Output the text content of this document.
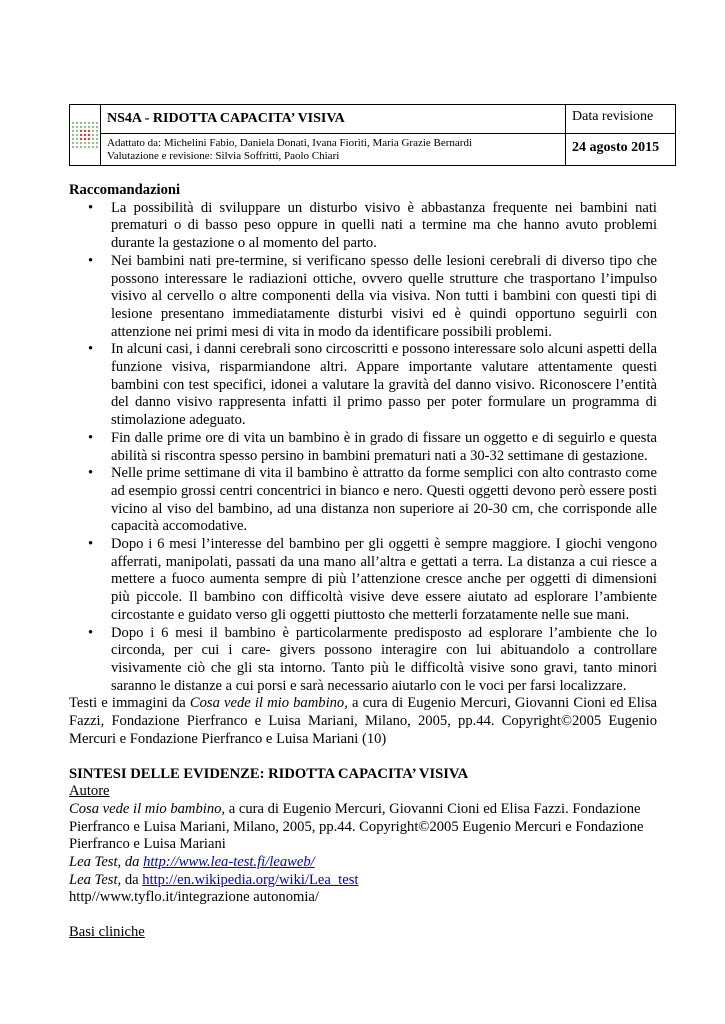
	NS4A - RIDOTTA CAPACITA’ VISIVA	Data revisione

	Adattato da: Michelini Fabio, Daniela Donati, Ivana Fioriti, Maria Grazie Bernardi
Valutazione e revisione: Silvia Soffritti, Paolo Chiari	24 agosto 2015

Raccomandazioni

• La possibilità di sviluppare un disturbo visivo è abbastanza frequente nei bambini nati prematuri o di basso peso oppure in quelli nati a termine ma che hanno avuto problemi durante la gestazione o al momento del parto.
• Nei bambini nati pre-termine, si verificano spesso delle lesioni cerebrali di diverso tipo che possono interessare le radiazioni ottiche, ovvero quelle strutture che trasportano l’impulso visivo al cervello o altre componenti della via visiva. Non tutti i bambini con questi tipi di lesione presentano immediatamente disturbi visivi ed è quindi opportuno seguirli con attenzione nei primi mesi di vita in modo da identificare possibili problemi.
• In alcuni casi, i danni cerebrali sono circoscritti e possono interessare solo alcuni aspetti della funzione visiva, risparmiandone altri. Appare importante valutare attentamente questi bambini con test specifici, idonei a valutare la gravità del danno visivo. Riconoscere l’entità del danno visivo rappresenta infatti il primo passo per poter formulare un programma di stimolazione adeguato.
• Fin dalle prime ore di vita un bambino è in grado di fissare un oggetto e di seguirlo e questa abilità si riscontra spesso persino in bambini prematuri nati a 30-32 settimane di gestazione.
• Nelle prime settimane di vita il bambino è attratto da forme semplici con alto contrasto come ad esempio grossi centri concentrici in bianco e nero. Questi oggetti devono però essere posti vicino al viso del bambino, ad una distanza non superiore ai 20-30 cm, che corrisponde alle capacità accomodative.
• Dopo i 6 mesi l’interesse del bambino per gli oggetti è sempre maggiore. I giochi vengono afferrati, manipolati, passati da una mano all’altra e gettati a terra. La distanza a cui riesce a mettere a fuoco aumenta sempre di più l’attenzione cresce anche per oggetti di dimensioni più piccole. Il bambino con difficoltà visive deve essere aiutato ad esplorare l’ambiente circostante e guidato verso gli oggetti piuttosto che metterli forzatamente nelle sue mani.
• Dopo i 6 mesi il bambino è particolarmente predisposto ad esplorare l’ambiente che lo circonda, per cui i care- givers possono interagire con lui abituandolo a controllare visivamente ciò che gli sta intorno. Tanto più le difficoltà visive sono gravi, tanto minori saranno le distanze a cui porsi e sarà necessario aiutarlo con le voci per farsi localizzare.

Testi e immagini da Cosa vede il mio bambino, a cura di Eugenio Mercuri, Giovanni Cioni ed Elisa Fazzi, Fondazione Pierfranco e Luisa Mariani, Milano, 2005, pp.44. Copyright©2005 Eugenio Mercuri e Fondazione Pierfranco e Luisa Mariani (10)

SINTESI DELLE EVIDENZE: RIDOTTA CAPACITA’ VISIVA

Autore

Cosa vede il mio bambino, a cura di Eugenio Mercuri, Giovanni Cioni ed Elisa Fazzi. Fondazione Pierfranco e Luisa Mariani, Milano, 2005, pp.44. Copyright©2005 Eugenio Mercuri e Fondazione Pierfranco e Luisa Mariani

Lea Test, da http://www.lea-test.fi/leaweb/

Lea Test, da http://en.wikipedia.org/wiki/Lea_test

http//www.tyflo.it/integrazione autonomia/

Basi cliniche
